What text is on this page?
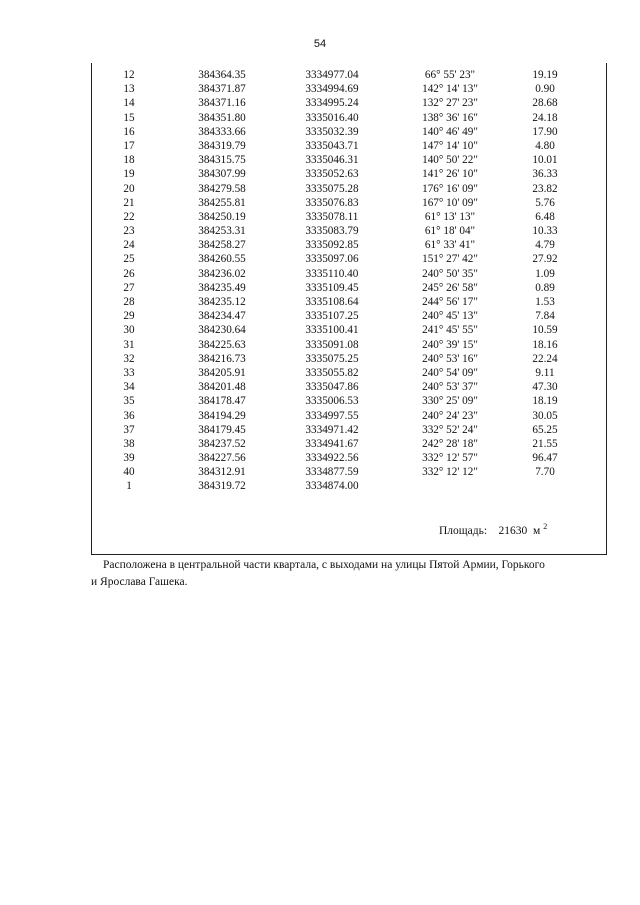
54
12	384364.35	3334977.04	66° 55' 23"	19.19
13	384371.87	3334994.69	142° 14' 13"	0.90
14	384371.16	3334995.24	132° 27' 23"	28.68
15	384351.80	3335016.40	138° 36' 16"	24.18
16	384333.66	3335032.39	140° 46' 49"	17.90
17	384319.79	3335043.71	147° 14' 10"	4.80
18	384315.75	3335046.31	140° 50' 22"	10.01
19	384307.99	3335052.63	141° 26' 10"	36.33
20	384279.58	3335075.28	176° 16' 09"	23.82
21	384255.81	3335076.83	167° 10' 09"	5.76
22	384250.19	3335078.11	61° 13' 13"	6.48
23	384253.31	3335083.79	61° 18' 04"	10.33
24	384258.27	3335092.85	61° 33' 41"	4.79
25	384260.55	3335097.06	151° 27' 42"	27.92
26	384236.02	3335110.40	240° 50' 35"	1.09
27	384235.49	3335109.45	245° 26' 58"	0.89
28	384235.12	3335108.64	244° 56' 17"	1.53
29	384234.47	3335107.25	240° 45' 13"	7.84
30	384230.64	3335100.41	241° 45' 55"	10.59
31	384225.63	3335091.08	240° 39' 15"	18.16
32	384216.73	3335075.25	240° 53' 16"	22.24
33	384205.91	3335055.82	240° 54' 09"	9.11
34	384201.48	3335047.86	240° 53' 37"	47.30
35	384178.47	3335006.53	330° 25' 09"	18.19
36	384194.29	3334997.55	240° 24' 23"	30.05
37	384179.45	3334971.42	332° 52' 24"	65.25
38	384237.52	3334941.67	242° 28' 18"	21.55
39	384227.56	3334922.56	332° 12' 57"	96.47
40	384312.91	3334877.59	332° 12' 12"	7.70
1	384319.72	3334874.00
Площадь: 21630 м $^2$
Расположена в центральной части квартала, с выходами на улицы Пятой Армии, Горького
и Ярослава Гашека.
